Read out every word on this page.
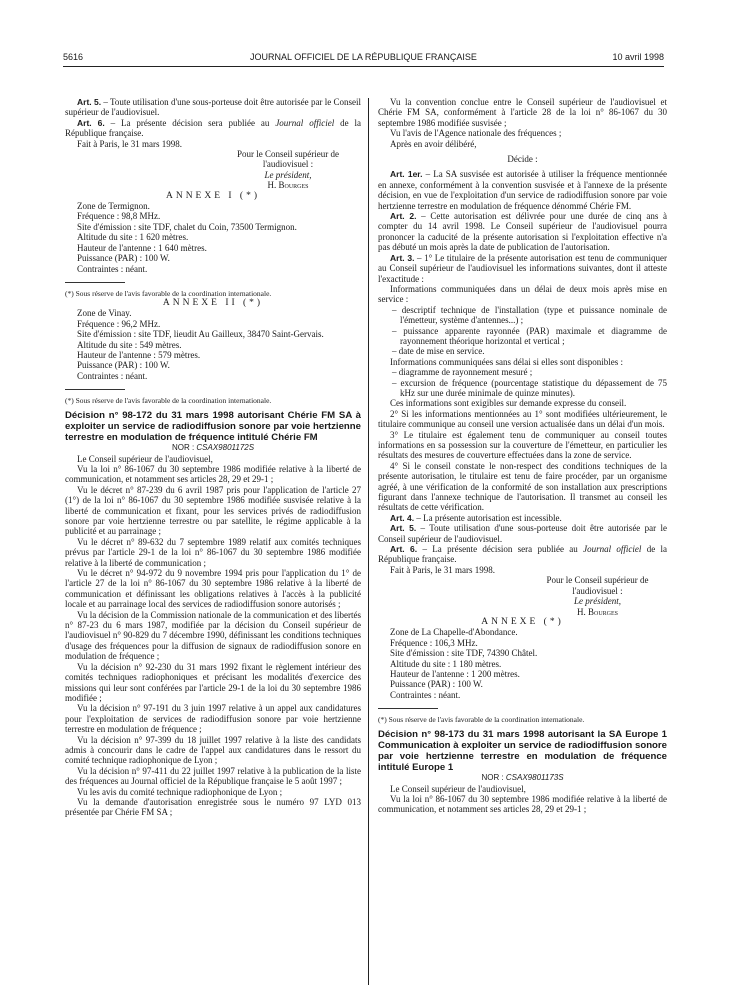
5616	JOURNAL OFFICIEL DE LA RÉPUBLIQUE FRANÇAISE	10 avril 1998

Art. 5. – Toute utilisation d'une sous-porteuse doit être autorisée par le Conseil supérieur de l'audiovisuel.

Art. 6. – La présente décision sera publiée au Journal officiel de la République française.

Fait à Paris, le 31 mars 1998.

Pour le Conseil supérieur de l'audiovisuel :

Le président,

H. Bourges

ANNEXE I (*)

Zone de Termignon.

Fréquence : 98,8 MHz.

Site d'émission : site TDF, chalet du Coin, 73500 Termignon.

Altitude du site : 1 620 mètres.

Hauteur de l'antenne : 1 640 mètres.

Puissance (PAR) : 100 W.

Contraintes : néant.

(*) Sous réserve de l'avis favorable de la coordination internationale.

ANNEXE II (*)

Zone de Vinay.

Fréquence : 96,2 MHz.

Site d'émission : site TDF, lieudit Au Gailleux, 38470 Saint-Gervais.

Altitude du site : 549 mètres.

Hauteur de l'antenne : 579 mètres.

Puissance (PAR) : 100 W.

Contraintes : néant.

(*) Sous réserve de l'avis favorable de la coordination internationale.

Décision n° 98-172 du 31 mars 1998 autorisant Chérie FM SA à exploiter un service de radiodiffusion sonore par voie hertzienne terrestre en modulation de fréquence intitulé Chérie FM

NOR : CSAX9801172S

Le Conseil supérieur de l'audiovisuel,

Vu la loi n° 86-1067 du 30 septembre 1986 modifiée relative à la liberté de communication, et notamment ses articles 28, 29 et 29-1 ;

Vu le décret n° 87-239 du 6 avril 1987 pris pour l'application de l'article 27 (1°) de la loi n° 86-1067 du 30 septembre 1986 modifiée susvisée relative à la liberté de communication et fixant, pour les services privés de radiodiffusion sonore par voie hertzienne terrestre ou par satellite, le régime applicable à la publicité et au parrainage ;

Vu le décret n° 89-632 du 7 septembre 1989 relatif aux comités techniques prévus par l'article 29-1 de la loi n° 86-1067 du 30 septembre 1986 modifiée relative à la liberté de communication ;

Vu le décret n° 94-972 du 9 novembre 1994 pris pour l'application du 1° de l'article 27 de la loi n° 86-1067 du 30 septembre 1986 relative à la liberté de communication et définissant les obligations relatives à l'accès à la publicité locale et au parrainage local des services de radiodiffusion sonore autorisés ;

Vu la décision de la Commission nationale de la communication et des libertés n° 87-23 du 6 mars 1987, modifiée par la décision du Conseil supérieur de l'audiovisuel n° 90-829 du 7 décembre 1990, définissant les conditions techniques d'usage des fréquences pour la diffusion de signaux de radiodiffusion sonore en modulation de fréquence ;

Vu la décision n° 92-230 du 31 mars 1992 fixant le règlement intérieur des comités techniques radiophoniques et précisant les modalités d'exercice des missions qui leur sont conférées par l'article 29-1 de la loi du 30 septembre 1986 modifiée ;

Vu la décision n° 97-191 du 3 juin 1997 relative à un appel aux candidatures pour l'exploitation de services de radiodiffusion sonore par voie hertzienne terrestre en modulation de fréquence ;

Vu la décision n° 97-399 du 18 juillet 1997 relative à la liste des candidats admis à concourir dans le cadre de l'appel aux candidatures dans le ressort du comité technique radiophonique de Lyon ;

Vu la décision n° 97-411 du 22 juillet 1997 relative à la publication de la liste des fréquences au Journal officiel de la République française le 5 août 1997 ;

Vu les avis du comité technique radiophonique de Lyon ;

Vu la demande d'autorisation enregistrée sous le numéro 97 LYD 013 présentée par Chérie FM SA ;

Vu la convention conclue entre le Conseil supérieur de l'audiovisuel et Chérie FM SA, conformément à l'article 28 de la loi n° 86-1067 du 30 septembre 1986 modifiée susvisée ;

Vu l'avis de l'Agence nationale des fréquences ;

Après en avoir délibéré,

Décide :

Art. 1er. – La SA susvisée est autorisée à utiliser la fréquence mentionnée en annexe, conformément à la convention susvisée et à l'annexe de la présente décision, en vue de l'exploitation d'un service de radiodiffusion sonore par voie hertzienne terrestre en modulation de fréquence dénommé Chérie FM.

Art. 2. – Cette autorisation est délivrée pour une durée de cinq ans à compter du 14 avril 1998. Le Conseil supérieur de l'audiovisuel pourra prononcer la caducité de la présente autorisation si l'exploitation effective n'a pas débuté un mois après la date de publication de l'autorisation.

Art. 3. – 1° Le titulaire de la présente autorisation est tenu de communiquer au Conseil supérieur de l'audiovisuel les informations suivantes, dont il atteste l'exactitude :

Informations communiquées dans un délai de deux mois après mise en service :

– descriptif technique de l'installation (type et puissance nominale de l'émetteur, système d'antennes...) ;

– puissance apparente rayonnée (PAR) maximale et diagramme de rayonnement théorique horizontal et vertical ;

– date de mise en service.

Informations communiquées sans délai si elles sont disponibles :

– diagramme de rayonnement mesuré ;

– excursion de fréquence (pourcentage statistique du dépassement de 75 kHz sur une durée minimale de quinze minutes).

Ces informations sont exigibles sur demande expresse du conseil.

2° Si les informations mentionnées au 1° sont modifiées ultérieurement, le titulaire communique au conseil une version actualisée dans un délai d'un mois.

3° Le titulaire est également tenu de communiquer au conseil toutes informations en sa possession sur la couverture de l'émetteur, en particulier les résultats des mesures de couverture effectuées dans la zone de service.

4° Si le conseil constate le non-respect des conditions techniques de la présente autorisation, le titulaire est tenu de faire procéder, par un organisme agréé, à une vérification de la conformité de son installation aux prescriptions figurant dans l'annexe technique de l'autorisation. Il transmet au conseil les résultats de cette vérification.

Art. 4. – La présente autorisation est incessible.

Art. 5. – Toute utilisation d'une sous-porteuse doit être autorisée par le Conseil supérieur de l'audiovisuel.

Art. 6. – La présente décision sera publiée au Journal officiel de la République française.

Fait à Paris, le 31 mars 1998.

Pour le Conseil supérieur de l'audiovisuel :

Le président,

H. Bourges

ANNEXE (*)

Zone de La Chapelle-d'Abondance.

Fréquence : 106,3 MHz.

Site d'émission : site TDF, 74390 Châtel.

Altitude du site : 1 180 mètres.

Hauteur de l'antenne : 1 200 mètres.

Puissance (PAR) : 100 W.

Contraintes : néant.

(*) Sous réserve de l'avis favorable de la coordination internationale.

Décision n° 98-173 du 31 mars 1998 autorisant la SA Europe 1 Communication à exploiter un service de radiodiffusion sonore par voie hertzienne terrestre en modulation de fréquence intitulé Europe 1

NOR : CSAX9801173S

Le Conseil supérieur de l'audiovisuel,

Vu la loi n° 86-1067 du 30 septembre 1986 modifiée relative à la liberté de communication, et notamment ses articles 28, 29 et 29-1 ;
